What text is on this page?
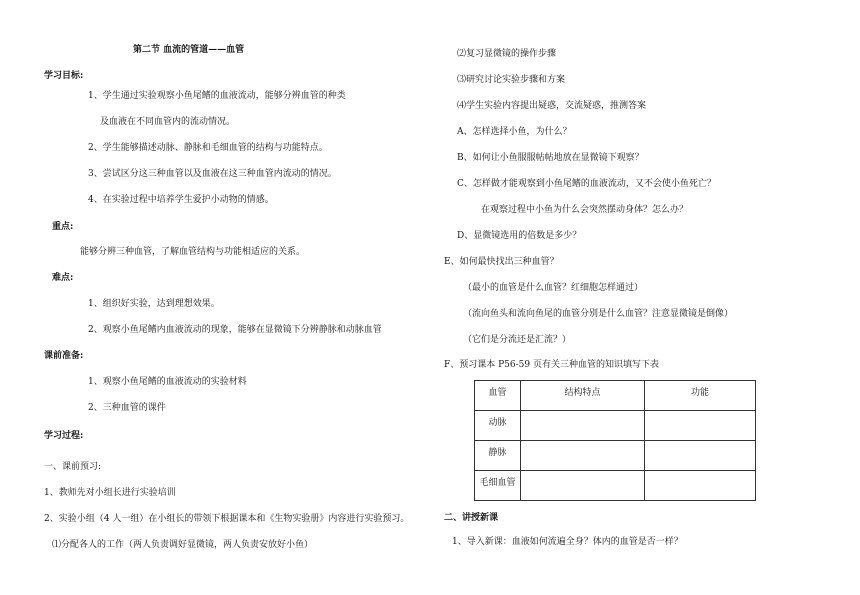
第二节 血流的管道——血管
学习目标:
1、学生通过实验观察小鱼尾鳍的血液流动，能够分辨血管的种类
及血液在不同血管内的流动情况。
2、学生能够描述动脉、静脉和毛细血管的结构与功能特点。
3、尝试区分这三种血管以及血液在这三种血管内流动的情况。
4、在实验过程中培养学生爱护小动物的情感。
重点:
能够分辨三种血管，了解血管结构与功能相适应的关系。
难点:
1、组织好实验，达到理想效果。
2、观察小鱼尾鳍内血液流动的现象，能够在显微镜下分辨静脉和动脉血管
课前准备:
1、观察小鱼尾鳍的血液流动的实验材料
2、三种血管的课件
学习过程:
一、课前预习:
1、教师先对小组长进行实验培训
2、实验小组（4 人一组）在小组长的带领下根据课本和《生物实验册》内容进行实验预习。
⑴分配各人的工作（两人负责调好显微镜，两人负责安放好小鱼）
⑵复习显微镜的操作步骤
⑶研究讨论实验步骤和方案
⑷学生实验内容提出疑惑，交流疑惑，推测答案
A、怎样选择小鱼，为什么？
B、如何让小鱼服服帖帖地放在显微镜下观察？
C、怎样做才能观察到小鱼尾鳍的血液流动，又不会使小鱼死亡？
在观察过程中小鱼为什么会突然摆动身体？怎么办？
D、显微镜选用的倍数是多少？
E、如何最快找出三种血管？
（最小的血管是什么血管？红细胞怎样通过）
（流向鱼头和流向鱼尾的血管分别是什么血管？注意显微镜是倒像）
（它们是分流还是汇流？）
F、预习课本 P56-59 页有关三种血管的知识填写下表
血管	结构特点	功能
动脉		
静脉		
毛细血管		
二、讲授新课
1、导入新课：血液如何流遍全身？体内的血管是否一样？
